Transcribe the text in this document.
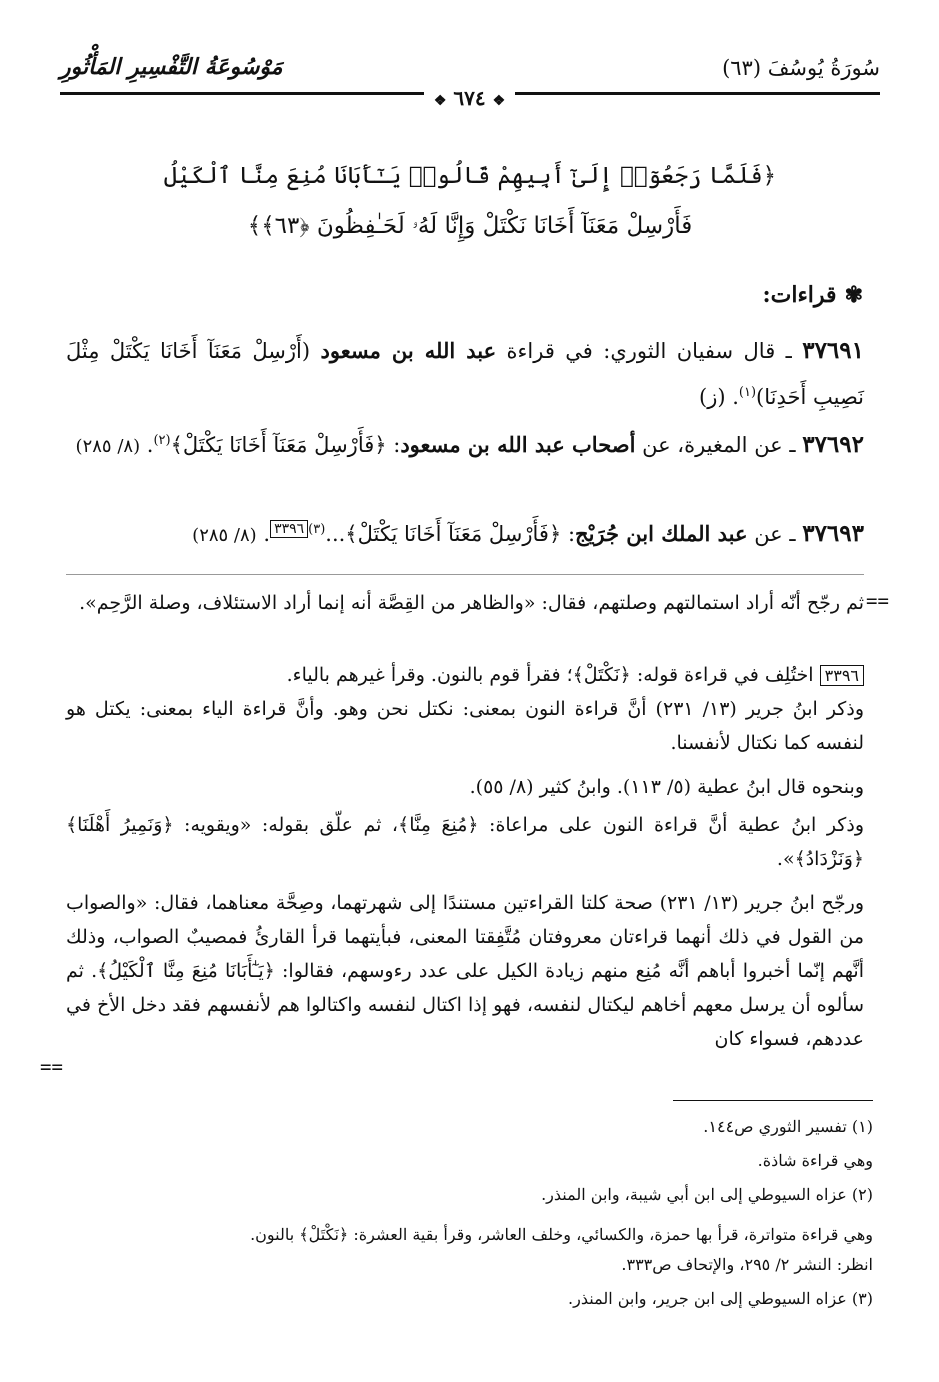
سُورَةُ يُوسُفَ (٦٣)
مَوْسُوعَةُ التَّفْسِيرِ المَأْثُورِ
❖ ٦٧٤ ❖
﴿فَلَمَّا رَجَعُوٓا۟ إِلَىٰٓ أَبِيهِمْ قَالُوا۟ يَـٰٓأَبَانَا مُنِعَ مِنَّا ٱلْكَيْلُ
فَأَرْسِلْ مَعَنَآ أَخَانَا نَكْتَلْ وَإِنَّا لَهُۥ لَحَـٰفِظُونَ ﴿٦٣﴾﴾
✾قراءات:
٣٧٦٩١ ـ قال سفيان الثوري: في قراءة عبد الله بن مسعود (أَرْسِلْ مَعَنَآ أَخَانَا يَكْتَلْ مِثْلَ نَصِيبِ أَحَدِنَا)$^{(١)}$. (ز)
٣٧٦٩٢ ـ عن المغيرة، عن أصحاب عبد الله بن مسعود: ﴿فَأَرْسِلْ مَعَنَآ أَخَانَا يَكْتَلْ﴾$^{(٢)}$. (٨/ ٢٨٥)
٣٧٦٩٣ ـ عن عبد الملك ابن جُرَيْج: ﴿فَأَرْسِلْ مَعَنَآ أَخَانَا يَكْتَلْ﴾...$^{(٣)٣٣٩٦}$. (٨/ ٢٨٥)
==
ثم رجّح أنّه أراد استمالتهم وصلتهم، فقال: «والظاهر من القِصَّة أنه إنما أراد الاستئلاف، وصلة الرَّحِم».
٣٣٩٦ اختُلِف في قراءة قوله: ﴿نَكْتَلْ﴾؛ فقرأ قوم بالنون. وقرأ غيرهم بالياء.
وذكر ابنُ جرير (١٣/ ٢٣١) أنَّ قراءة النون بمعنى: نكتل نحن وهو. وأنَّ قراءة الياء بمعنى: يكتل هو لنفسه كما نكتال لأنفسنا.
وبنحوه قال ابنُ عطية (٥/ ١١٣). وابنُ كثير (٨/ ٥٥).
وذكر ابنُ عطية أنَّ قراءة النون على مراعاة: ﴿مُنِعَ مِنَّا﴾، ثم علّق بقوله: «ويقويه: ﴿وَنَمِيرُ أَهْلَنَا﴾ ﴿وَنَزْدَادُ﴾».
ورجّح ابنُ جرير (١٣/ ٢٣١) صحة كلتا القراءتين مستندًا إلى شهرتهما، وصِحَّة معناهما، فقال: «والصواب من القول في ذلك أنهما قراءتان معروفتان مُتَّفِقتا المعنى، فبأيتهما قرأ القارئُ فمصيبٌ الصواب، وذلك أنَّهم إنّما أخبروا أباهم أنَّه مُنِع منهم زيادة الكيل على عدد رءوسهم، فقالوا: ﴿يَـٰٓأَبَانَا مُنِعَ مِنَّا ٱلْكَيْلُ﴾. ثم سألوه أن يرسل معهم أخاهم ليكتال لنفسه، فهو إذا اكتال لنفسه واكتالوا هم لأنفسهم فقد دخل الأخ في عددهم، فسواء كان
==
(١) تفسير الثوري ص١٤٤.
وهي قراءة شاذة.
(٢) عزاه السيوطي إلى ابن أبي شيبة، وابن المنذر.
وهي قراءة متواترة، قرأ بها حمزة، والكسائي، وخلف العاشر، وقرأ بقية العشرة: ﴿نَكْتَلْ﴾ بالنون.
انظر: النشر ٢/ ٢٩٥، والإتحاف ص٣٣٣.
(٣) عزاه السيوطي إلى ابن جرير، وابن المنذر.
